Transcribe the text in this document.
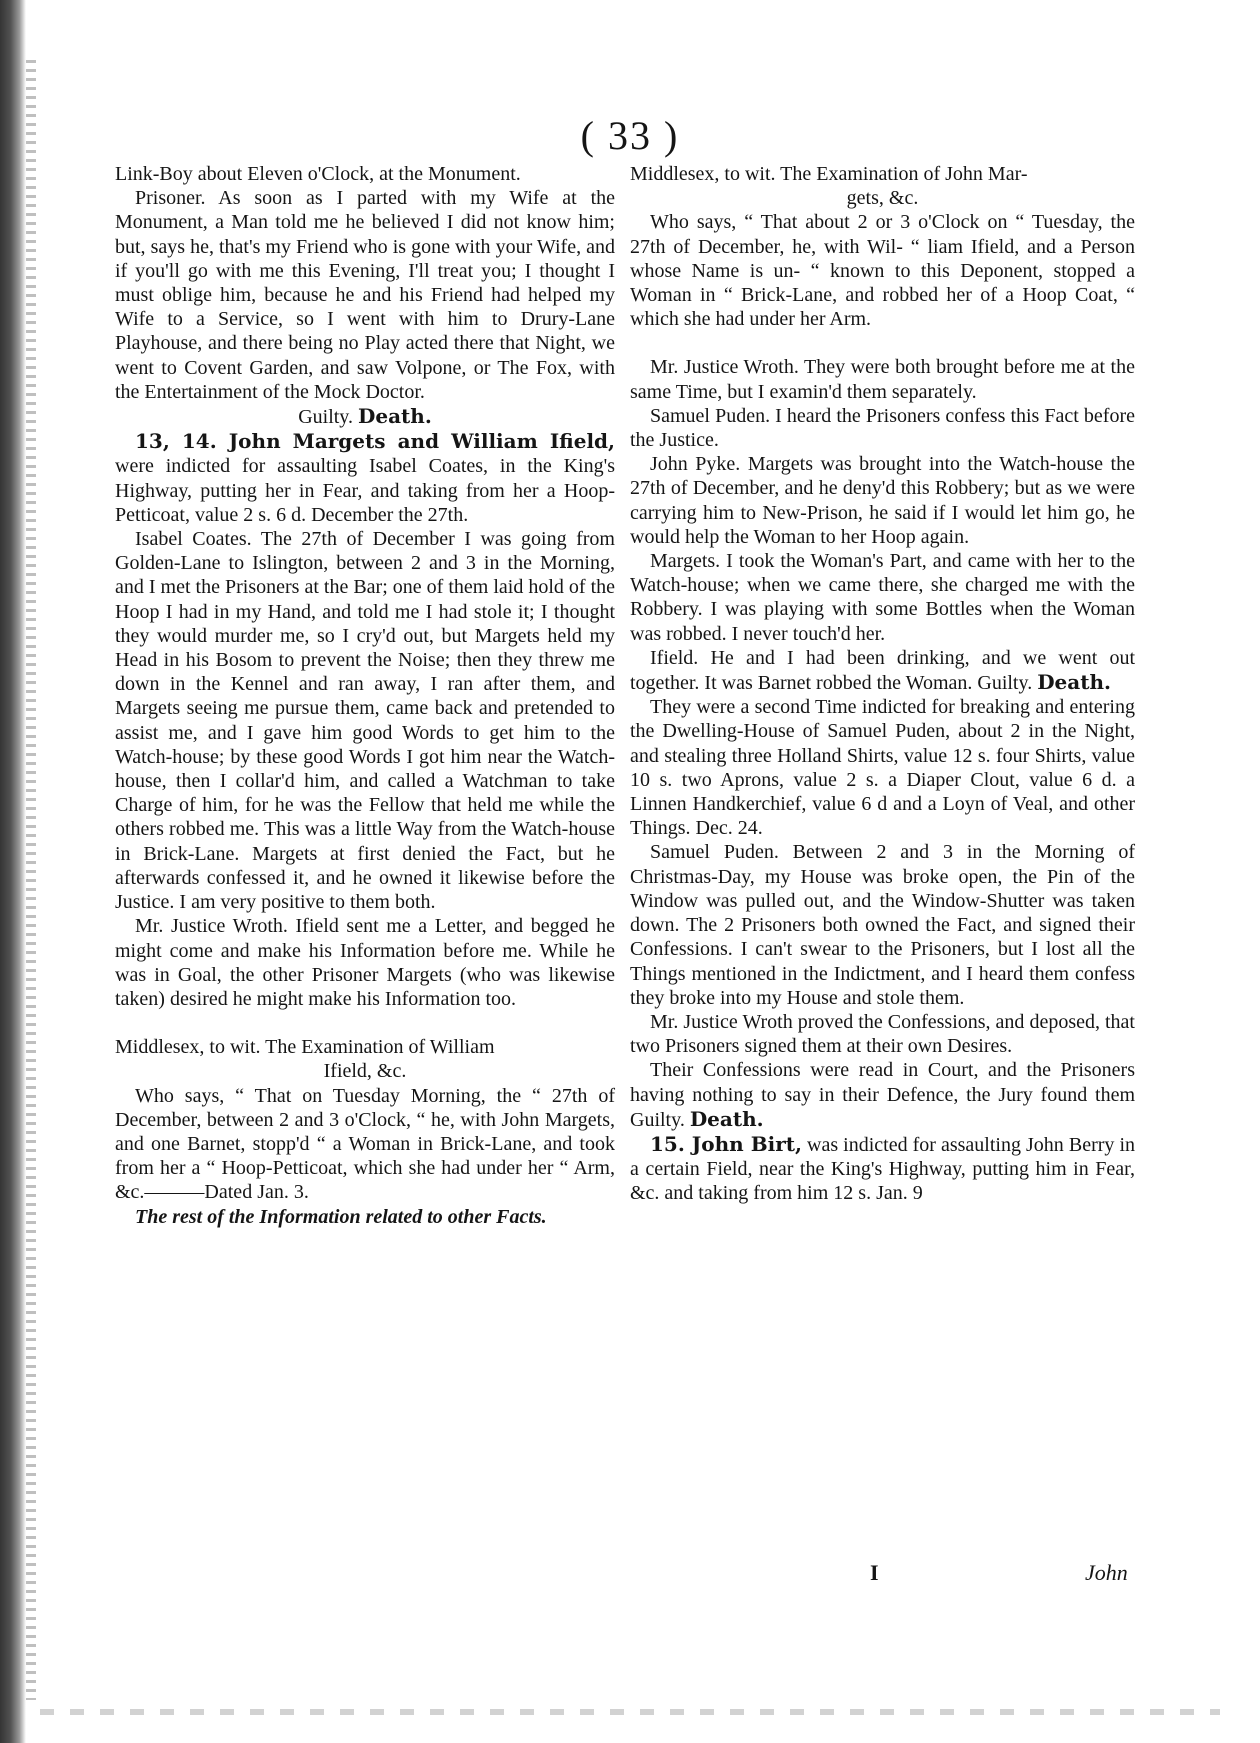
( 33 )

Link-Boy about Eleven o'Clock, at the Monument.

Prisoner. As soon as I parted with my Wife at the Monument, a Man told me he believed I did not know him; but, says he, that's my Friend who is gone with your Wife, and if you'll go with me this Evening, I'll treat you; I thought I must oblige him, because he and his Friend had helped my Wife to a Service, so I went with him to Drury-Lane Playhouse, and there being no Play acted there that Night, we went to Covent Garden, and saw Volpone, or The Fox, with the Entertainment of the Mock Doctor.

Guilty. Death.

13, 14. John Margets and William Ifield, were indicted for assaulting Isabel Coates, in the King's Highway, putting her in Fear, and taking from her a Hoop-Petticoat, value 2 s. 6 d. December the 27th.

Isabel Coates. The 27th of December I was going from Golden-Lane to Islington, between 2 and 3 in the Morning, and I met the Prisoners at the Bar; one of them laid hold of the Hoop I had in my Hand, and told me I had stole it; I thought they would murder me, so I cry'd out, but Margets held my Head in his Bosom to prevent the Noise; then they threw me down in the Kennel and ran away, I ran after them, and Margets seeing me pursue them, came back and pretended to assist me, and I gave him good Words to get him to the Watch-house; by these good Words I got him near the Watch-house, then I collar'd him, and called a Watchman to take Charge of him, for he was the Fellow that held me while the others robbed me. This was a little Way from the Watch-house in Brick-Lane. Margets at first denied the Fact, but he afterwards confessed it, and he owned it likewise before the Justice. I am very positive to them both.

Mr. Justice Wroth. Ifield sent me a Letter, and begged he might come and make his Information before me. While he was in Goal, the other Prisoner Margets (who was likewise taken) desired he might make his Information too.

Middlesex, to wit. The Examination of William
Ifield, &c.

Who says, “ That on Tuesday Morning, the “ 27th of December, between 2 and 3 o'Clock, “ he, with John Margets, and one Barnet, stopp'd “ a Woman in Brick-Lane, and took from her a “ Hoop-Petticoat, which she had under her “ Arm, &c.———Dated Jan. 3.

The rest of the Information related to other Facts.

Middlesex, to wit. The Examination of John Mar-
gets, &c.

Who says, “ That about 2 or 3 o'Clock on “ Tuesday, the 27th of December, he, with Wil- “ liam Ifield, and a Person whose Name is un- “ known to this Deponent, stopped a Woman in “ Brick-Lane, and robbed her of a Hoop Coat, “ which she had under her Arm.

Mr. Justice Wroth. They were both brought before me at the same Time, but I examin'd them separately.

Samuel Puden. I heard the Prisoners confess this Fact before the Justice.

John Pyke. Margets was brought into the Watch-house the 27th of December, and he deny'd this Robbery; but as we were carrying him to New-Prison, he said if I would let him go, he would help the Woman to her Hoop again.

Margets. I took the Woman's Part, and came with her to the Watch-house; when we came there, she charged me with the Robbery. I was playing with some Bottles when the Woman was robbed. I never touch'd her.

Ifield. He and I had been drinking, and we went out together. It was Barnet robbed the Woman. Guilty. Death.

They were a second Time indicted for breaking and entering the Dwelling-House of Samuel Puden, about 2 in the Night, and stealing three Holland Shirts, value 12 s. four Shirts, value 10 s. two Aprons, value 2 s. a Diaper Clout, value 6 d. a Linnen Handkerchief, value 6 d and a Loyn of Veal, and other Things. Dec. 24.

Samuel Puden. Between 2 and 3 in the Morning of Christmas-Day, my House was broke open, the Pin of the Window was pulled out, and the Window-Shutter was taken down. The 2 Prisoners both owned the Fact, and signed their Confessions. I can't swear to the Prisoners, but I lost all the Things mentioned in the Indictment, and I heard them confess they broke into my House and stole them.

Mr. Justice Wroth proved the Confessions, and deposed, that two Prisoners signed them at their own Desires.

Their Confessions were read in Court, and the Prisoners having nothing to say in their Defence, the Jury found them Guilty. Death.

15. John Birt, was indicted for assaulting John Berry in a certain Field, near the King's Highway, putting him in Fear, &c. and taking from him 12 s. Jan. 9

I	John
